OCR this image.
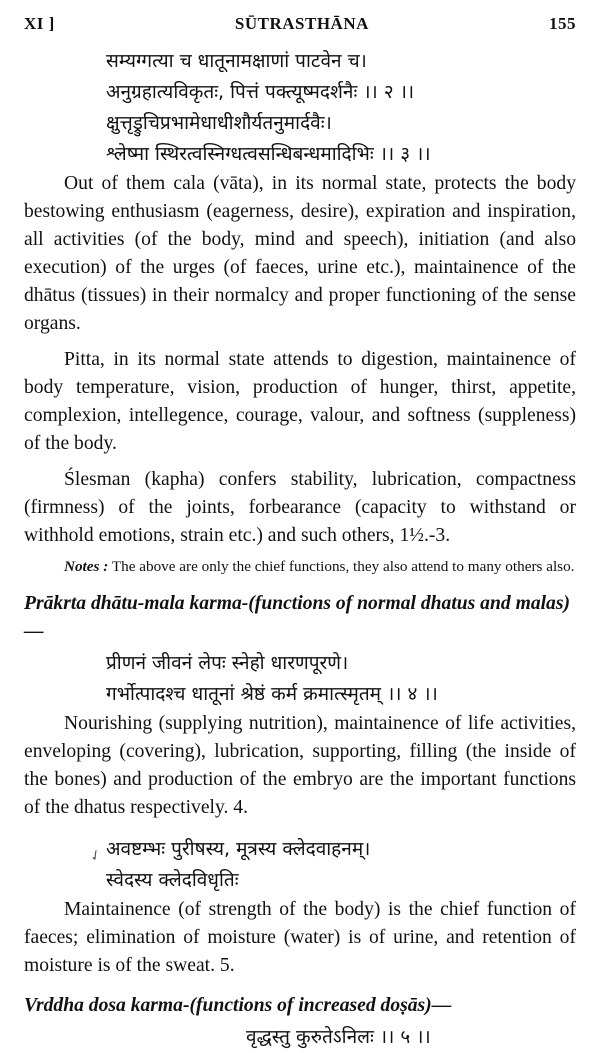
XI ]	SŪTRASTHĀNA	155
सम्यग्गत्या च धातूनामक्षाणां पाटवेन च।
अनुग्रहात्यविकृतः, पित्तं पक्त्यूष्मदर्शनैः ।। २ ।।
क्षुत्तृड्रुचिप्रभामेधाधीशौर्यतनुमार्दवैः।
श्लेष्मा स्थिरत्वस्निग्धत्वसन्धिबन्धमादिभिः ।। ३ ।।

Out of them cala (vāta), in its normal state, protects the body bestowing enthusiasm (eagerness, desire), expiration and inspiration, all activities (of the body, mind and speech), initiation (and also execution) of the urges (of faeces, urine etc.), maintainence of the dhātus (tissues) in their normalcy and proper functioning of the sense organs.

Pitta, in its normal state attends to digestion, maintainence of body temperature, vision, production of hunger, thirst, appetite, complexion, intellegence, courage, valour, and softness (suppleness) of the body.

Ślesman (kapha) confers stability, lubrication, compactness (firmness) of the joints, forbearance (capacity to withstand or withhold emotions, strain etc.) and such others, 1½.-3.

Notes : The above are only the chief functions, they also attend to many others also.

Prākrta dhātu-mala karma-(functions of normal dhatus and malas)—
प्रीणनं जीवनं लेपः स्नेहो धारणपूरणे।
गर्भोत्पादश्च धातूनां श्रेष्ठं कर्म क्रमात्स्मृतम् ।। ४ ।।

Nourishing (supplying nutrition), maintainence of life activities, enveloping (covering), lubrication, supporting, filling (the inside of the bones) and production of the embryo are the important functions of the dhatus respectively. 4.

अवष्टम्भः पुरीषस्य, मूत्रस्य क्लेदवाहनम्।
स्वेदस्य क्लेदविधृतिः

Maintainence (of strength of the body) is the chief function of faeces; elimination of moisture (water) is of urine, and retention of moisture is of the sweat. 5.

Vrddha dosa karma-(functions of increased doṣās)—
वृद्धस्तु कुरुतेऽनिलः ।। ५ ।।
✓
